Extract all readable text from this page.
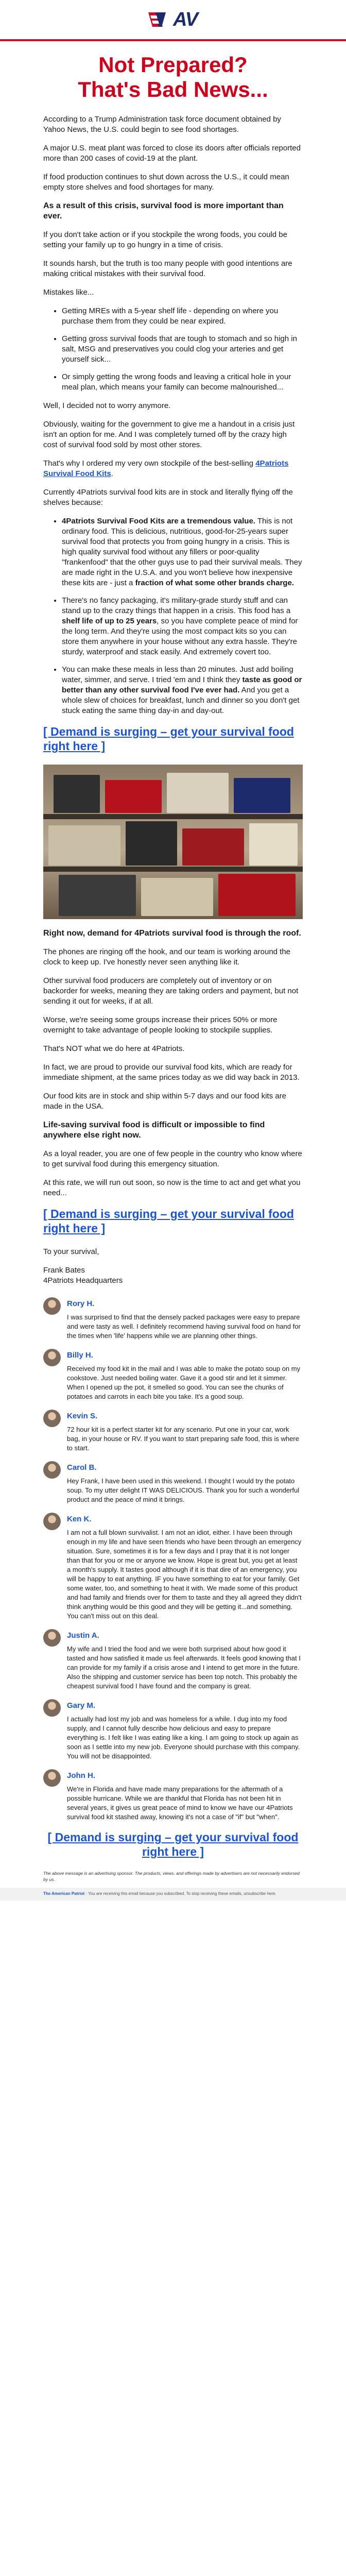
AV
Not Prepared?
That's Bad News...

According to a Trump Administration task force document obtained by Yahoo News, the U.S. could begin to see food shortages.

A major U.S. meat plant was forced to close its doors after officials reported more than 200 cases of covid-19 at the plant.

If food production continues to shut down across the U.S., it could mean empty store shelves and food shortages for many.

As a result of this crisis, survival food is more important than ever.

If you don't take action or if you stockpile the wrong foods, you could be setting your family up to go hungry in a time of crisis.

It sounds harsh, but the truth is too many people with good intentions are making critical mistakes with their survival food.

Mistakes like...

• Getting MREs with a 5-year shelf life - depending on where you purchase them from they could be near expired.
• Getting gross survival foods that are tough to stomach and so high in salt, MSG and preservatives you could clog your arteries and get yourself sick...
• Or simply getting the wrong foods and leaving a critical hole in your meal plan, which means your family can become malnourished...

Well, I decided not to worry anymore.

Obviously, waiting for the government to give me a handout in a crisis just isn't an option for me. And I was completely turned off by the crazy high cost of survival food sold by most other stores.

That's why I ordered my very own stockpile of the best-selling 4Patriots Survival Food Kits.

Currently 4Patriots survival food kits are in stock and literally flying off the shelves because:

• 4Patriots Survival Food Kits are a tremendous value. This is not ordinary food. This is delicious, nutritious, good-for-25-years super survival food that protects you from going hungry in a crisis. This is high quality survival food without any fillers or poor-quality "frankenfood" that the other guys use to pad their survival meals. They are made right in the U.S.A. and you won't believe how inexpensive these kits are - just a fraction of what some other brands charge.
• There's no fancy packaging, it's military-grade sturdy stuff and can stand up to the crazy things that happen in a crisis. This food has a shelf life of up to 25 years, so you have complete peace of mind for the long term. And they're using the most compact kits so you can store them anywhere in your house without any extra hassle. They're sturdy, waterproof and stack easily. And extremely covert too.
• You can make these meals in less than 20 minutes. Just add boiling water, simmer, and serve. I tried 'em and I think they taste as good or better than any other survival food I've ever had. And you get a whole slew of choices for breakfast, lunch and dinner so you don't get stuck eating the same thing day-in and day-out.
[ Demand is surging – get your survival food right here ]

Right now, demand for 4Patriots survival food is through the roof.

The phones are ringing off the hook, and our team is working around the clock to keep up. I've honestly never seen anything like it.

Other survival food producers are completely out of inventory or on backorder for weeks, meaning they are taking orders and payment, but not sending it out for weeks, if at all.

Worse, we're seeing some groups increase their prices 50% or more overnight to take advantage of people looking to stockpile supplies.

That's NOT what we do here at 4Patriots.

In fact, we are proud to provide our survival food kits, which are ready for immediate shipment, at the same prices today as we did way back in 2013.

Our food kits are in stock and ship within 5-7 days and our food kits are made in the USA.

Life-saving survival food is difficult or impossible to find anywhere else right now.

As a loyal reader, you are one of few people in the country who know where to get survival food during this emergency situation.

At this rate, we will run out soon, so now is the time to act and get what you need...

[ Demand is surging – get your survival food right here ]

To your survival,

Frank Bates

4Patriots Headquarters

Rory H.

I was surprised to find that the densely packed packages were easy to prepare and were tasty as well. I definitely recommend having survival food on hand for the times when 'life' happens while we are planning other things.

Billy H.

Received my food kit in the mail and I was able to make the potato soup on my cookstove. Just needed boiling water. Gave it a good stir and let it simmer. When I opened up the pot, it smelled so good. You can see the chunks of potatoes and carrots in each bite you take. It's a good soup.

Kevin S.

72 hour kit is a perfect starter kit for any scenario. Put one in your car, work bag, in your house or RV. If you want to start preparing safe food, this is where to start.

Carol B.

Hey Frank, I have been used in this weekend. I thought I would try the potato soup. To my utter delight IT WAS DELICIOUS. Thank you for such a wonderful product and the peace of mind it brings.

Ken K.

I am not a full blown survivalist. I am not an idiot, either. I have been through enough in my life and have seen friends who have been through an emergency situation. Sure, sometimes it is for a few days and I pray that it is not longer than that for you or me or anyone we know. Hope is great but, you get at least a month's supply. It tastes good although if it is that dire of an emergency, you will be happy to eat anything. IF you have something to eat for your family. Get some water, too, and something to heat it with. We made some of this product and had family and friends over for them to taste and they all agreed they didn't think anything would be this good and they will be getting it...and something. You can't miss out on this deal.

Justin A.

My wife and I tried the food and we were both surprised about how good it tasted and how satisfied it made us feel afterwards. It feels good knowing that I can provide for my family if a crisis arose and I intend to get more in the future. Also the shipping and customer service has been top notch. This probably the cheapest survival food I have found and the company is great.

Gary M.

I actually had lost my job and was homeless for a while. I dug into my food supply, and I cannot fully describe how delicious and easy to prepare everything is. I felt like I was eating like a king. I am going to stock up again as soon as I settle into my new job. Everyone should purchase with this company. You will not be disappointed.

John H.

We're in Florida and have made many preparations for the aftermath of a possible hurricane. While we are thankful that Florida has not been hit in several years, it gives us great peace of mind to know we have our 4Patriots survival food kit stashed away, knowing it's not a case of "if" but "when".

[ Demand is surging – get your survival food right here ]

The above message is an advertising sponsor. The products, views, and offerings made by advertisers are not necessarily endorsed by us.

The American Patriot · You are receiving this email because you subscribed. To stop receiving these emails, unsubscribe here.
